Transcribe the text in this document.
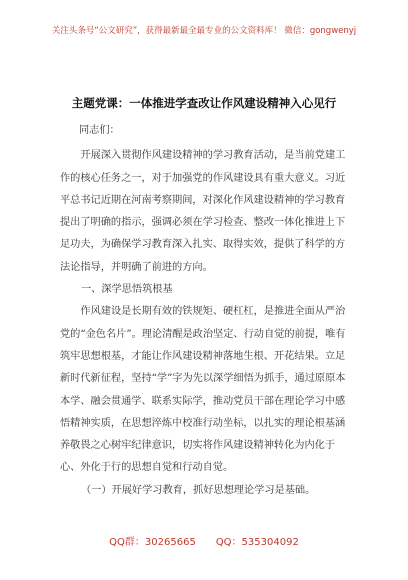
关注头条号“公文研究”，获得最新最全最专业的公文资料库！ 微信：gongwenyj
主题党课：一体推进学查改让作风建设精神入心见行

同志们：

开展深入贯彻作风建设精神的学习教育活动，是当前党建工作的核心任务之一，对于加强党的作风建设具有重大意义。习近平总书记近期在河南考察期间，对深化作风建设精神的学习教育提出了明确的指示，强调必须在学习检查、整改一体化推进上下足功夫，为确保学习教育深入扎实、取得实效，提供了科学的方法论指导，并明确了前进的方向。

一、深学思悟筑根基

作风建设是长期有效的铁规矩、硬杠杠，是推进全面从严治党的“金色名片”。理论清醒是政治坚定、行动自觉的前提，唯有筑牢思想根基，才能让作风建设精神落地生根、开花结果。立足新时代新征程，坚持“学”字为先以深学细悟为抓手，通过原原本本学、融会贯通学、联系实际学，推动党员干部在理论学习中感悟精神实质，在思想淬炼中校准行动坐标，以扎实的理论根基涵养敬畏之心树牢纪律意识，切实将作风建设精神转化为内化于心、外化于行的思想自觉和行动自觉。

（一）开展好学习教育，抓好思想理论学习是基础。

QQ群：30265665 QQ：535304092
